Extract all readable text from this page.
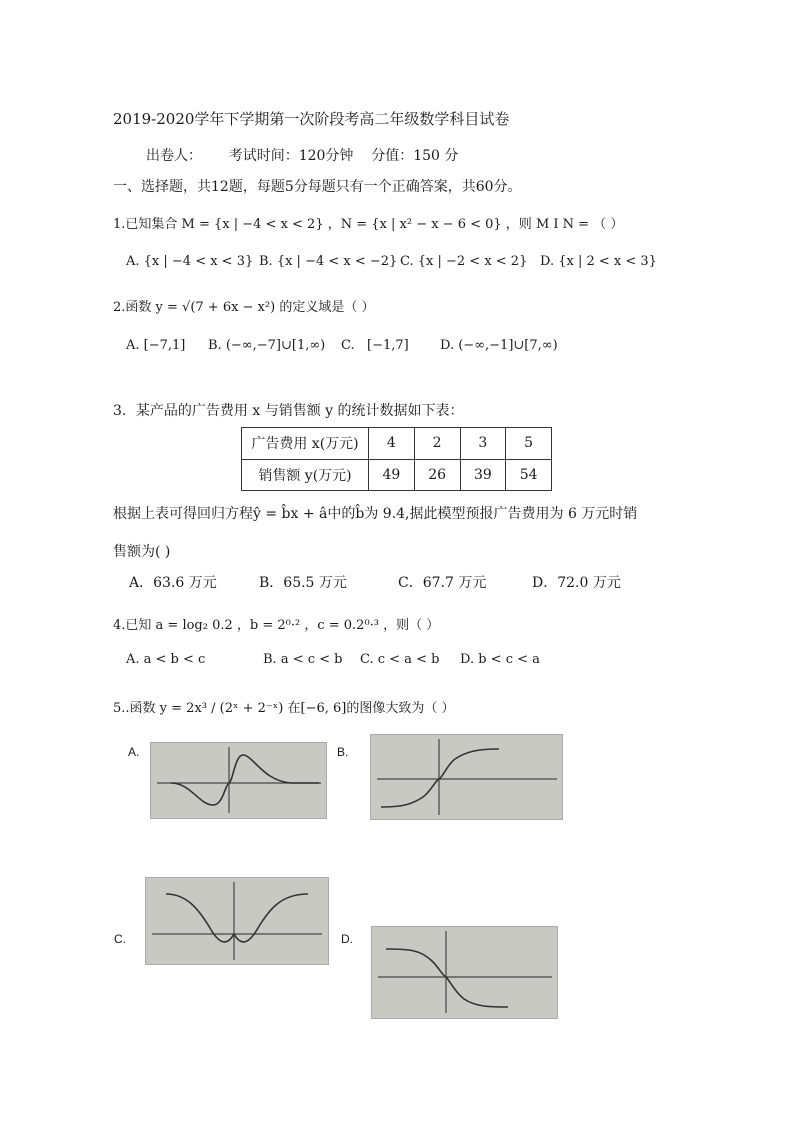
2019-2020学年下学期第一次阶段考高二年级数学科目试卷
出卷人：      考试时间：120分钟    分值：150 分
一、选择题，共12题，每题5分每题只有一个正确答案，共60分。
1.已知集合 M = {x | −4 < x < 2} ，N = {x | x² − x − 6 < 0} ，则 M I N = （ ）
A. {x | −4 < x < 3} B. {x | −4 < x < −2} C. {x | −2 < x < 2} D. {x | 2 < x < 3}
2.函数 y = √(7 + 6x − x²) 的定义域是（ ）
A. [−7,1] B. (−∞,−7]∪[1,∞) C.   [−1,7] D. (−∞,−1]∪[7,∞)
3．某产品的广告费用 x 与销售额 y 的统计数据如下表：
广告费用 x(万元)	4	2	3	5
销售额 y(万元)	49	26	39	54
根据上表可得回归方程ŷ = b̂x + â中的b̂为 9.4,据此模型预报广告费用为 6 万元时销
售额为( )
A．63.6 万元	B．65.5 万元	C．67.7 万元	D．72.0 万元
4.已知 a = log₂ 0.2 ，b = 2⁰·² ，c = 0.2⁰·³ ，则（ ）
A. a < b < c	B. a < c < b C. c < a < b D. b < c < a
5..函数 y = 2x³ / (2ˣ + 2⁻ˣ) 在[−6, 6]的图像大致为（ ）
A.	B.
C.	D.
